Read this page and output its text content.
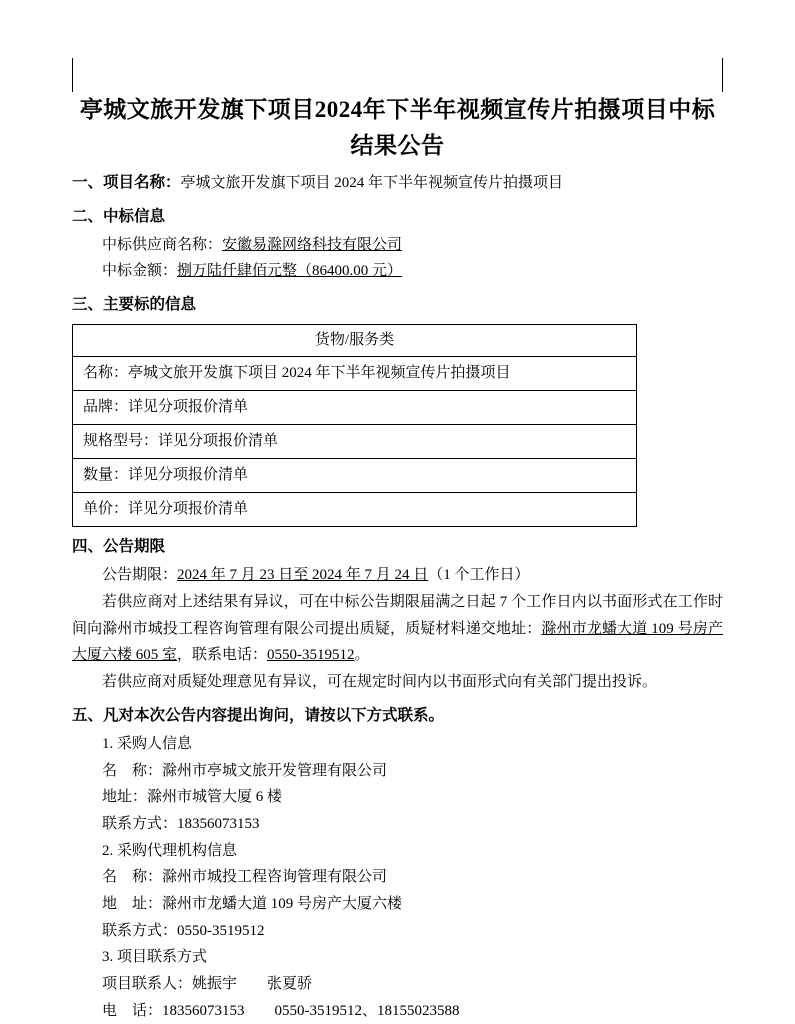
亭城文旅开发旗下项目2024年下半年视频宣传片拍摄项目中标结果公告
一、项目名称：亭城文旅开发旗下项目 2024 年下半年视频宣传片拍摄项目
二、中标信息
中标供应商名称：安徽易滁网络科技有限公司
中标金额：捌万陆仟肆佰元整（86400.00 元）
三、主要标的信息
货物/服务类
名称：亭城文旅开发旗下项目 2024 年下半年视频宣传片拍摄项目
品牌：详见分项报价清单
规格型号：详见分项报价清单
数量：详见分项报价清单
单价：详见分项报价清单
四、公告期限
公告期限：2024 年 7 月 23 日至 2024 年 7 月 24 日（1 个工作日）
若供应商对上述结果有异议，可在中标公告期限届满之日起 7 个工作日内以书面形式在工作时间向滁州市城投工程咨询管理有限公司提出质疑，质疑材料递交地址：滁州市龙蟠大道 109 号房产大厦六楼 605 室，联系电话：0550-3519512。
若供应商对质疑处理意见有异议，可在规定时间内以书面形式向有关部门提出投诉。
五、凡对本次公告内容提出询问，请按以下方式联系。
1. 采购人信息
名　称：滁州市亭城文旅开发管理有限公司
地址：滁州市城管大厦 6 楼
联系方式：18356073153
2. 采购代理机构信息
名　称：滁州市城投工程咨询管理有限公司
地　址：滁州市龙蟠大道 109 号房产大厦六楼
联系方式：0550-3519512
3. 项目联系方式
项目联系人：姚振宇　　张夏骄
电　话：18356073153　　0550-3519512、18155023588
